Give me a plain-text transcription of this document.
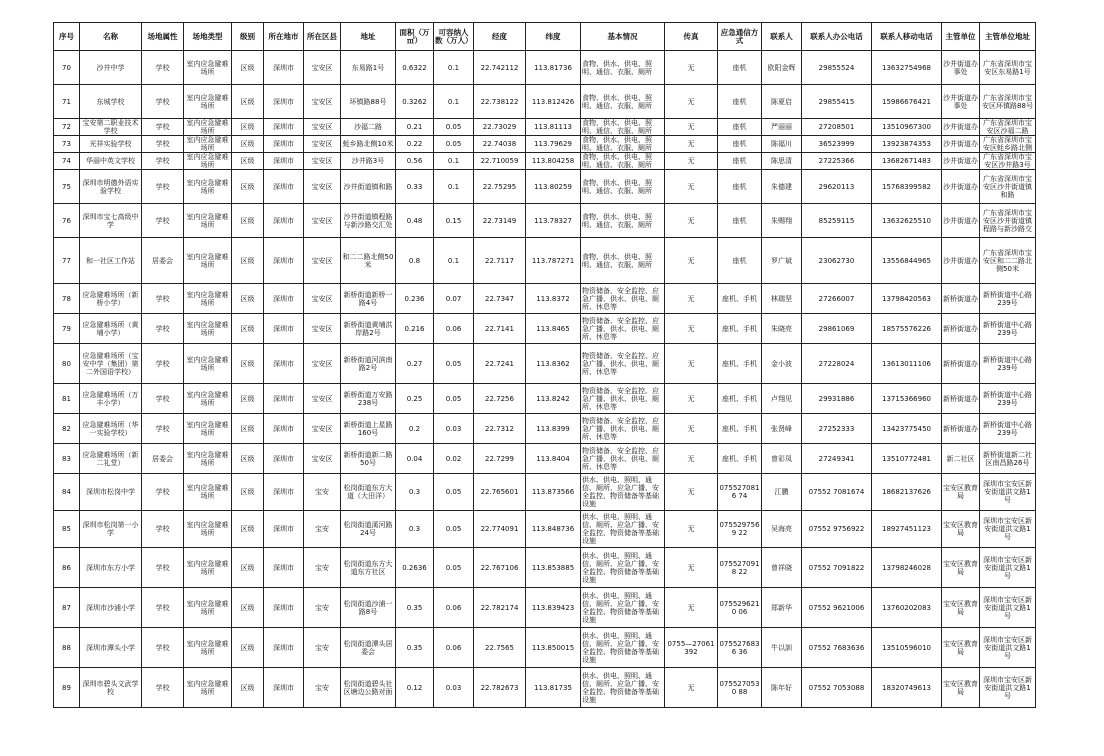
序号	名称	场地属性	场地类型	级别	所在地市	所在区县	地址	面积（万㎡）	可容纳人数（万人）	经度	纬度	基本情况	传真	应急通信方式	联系人	联系人办公电话	联系人移动电话	主管单位	主管单位地址
70	沙井中学	学校	室内应急避难场所	区级	深圳市	宝安区	东易路1号	0.6322	0.1	22.742112	113.81736	食物、供水、供电、照明、通信、衣服、厕所	无	座机	欧阳金辉	29855524	13632754968	沙井街道办事处	广东省深圳市宝安区东易路1号
71	东城学校	学校	室内应急避难场所	区级	深圳市	宝安区	环镇路88号	0.3262	0.1	22.738122	113.812426	食物、供水、供电、照明、通信、衣服、厕所	无	座机	陈夏启	29855415	15986676421	沙井街道办事处	广东省深圳市宝安区环镇路88号
72	宝安第二职业技术学校	学校	室内应急避难场所	区级	深圳市	宝安区	沙福二路	0.21	0.05	22.73029	113.81113	食物、供水、供电、照明、通信、衣服、厕所	无	座机	严丽丽	27208501	13510967300	沙井街道办	广东省深圳市宝安区沙福二路
73	光祥实验学校	学校	室内应急避难场所	区级	深圳市	宝安区	蚝乡路北侧10米	0.22	0.05	22.74038	113.79629	食物、供水、供电、照明、通信、衣服、厕所	无	座机	陈福川	36523999	13923874353	沙井街道办	广东省深圳市宝安区蚝乡路北侧
74	华丽中英文学校	学校	室内应急避难场所	区级	深圳市	宝安区	沙井路3号	0.56	0.1	22.710059	113.804258	食物、供水、供电、照明、通信、衣服、厕所	无	座机	陈思清	27225366	13682671483	沙井街道办	广东省深圳市宝安区沙井路3号
75	深圳市明德外语实验学校	学校	室内应急避难场所	区级	深圳市	宝安区	沙井街道镇和路	0.33	0.1	22.75295	113.80259	食物、供水、供电、照明、通信、衣服、厕所	无	座机	朱德建	29620113	15768399582	沙井街道办	广东省深圳市宝安区沙井街道镇和路
76	深圳市宝七高级中学	学校	室内应急避难场所	区级	深圳市	宝安区	沙井街道镇程路与新沙路交汇处	0.48	0.15	22.73149	113.78327	食物、供水、供电、照明、通信、衣服、厕所	无	座机	朱赐翔	85259115	13632625510	沙井街道办	广东省深圳市宝安区沙井街道镇程路与新沙路交
77	和一社区工作站	居委会	室内应急避难场所	区级	深圳市	宝安区	和二二路北侧50米	0.8	0.1	22.7117	113.787271	食物、供水、供电、照明、通信、衣服、厕所	无	座机	罗广斌	23062730	13556844965	沙井街道办	广东省深圳市宝安区和二二路北侧50米
78	应急避难场所（新桥小学）	学校	室内应急避难场所	区级	深圳市	宝安区	新桥街道新桥一路4号	0.236	0.07	22.7347	113.8372	物资储备、安全监控、应急广播、供水、供电、厕所、休息等	无	座机、手机	林瑞坚	27266007	13798420563	新桥街道办	新桥街道中心路239号
79	应急避难场所（黄埔小学）	学校	室内应急避难场所	区级	深圳市	宝安区	新桥街道黄埔洪岸路2号	0.216	0.06	22.7141	113.8465	物资储备、安全监控、应急广播、供水、供电、厕所、休息等	无	座机、手机	朱晓亮	29861069	18575576226	新桥街道办	新桥街道中心路239号
80	应急避难场所（宝安中学（集团）第二外国语学校）	学校	室内应急避难场所	区级	深圳市	宝安区	新桥街道河滨南路2号	0.27	0.05	22.7241	113.8362	物资储备、安全监控、应急广播、供水、供电、厕所、休息等	无	座机、手机	金小波	27228024	13613011106	新桥街道办	新桥街道中心路239号
81	应急避难场所（万丰小学）	学校	室内应急避难场所	区级	深圳市	宝安区	新桥街道万安路238号	0.25	0.05	22.7256	113.8242	物资储备、安全监控、应急广播、供水、供电、厕所、休息等	无	座机、手机	卢翔见	29931886	13715366960	新桥街道办	新桥街道中心路239号
82	应急避难场所（华一实验学校）	学校	室内应急避难场所	区级	深圳市	宝安区	新桥街道上星路160号	0.2	0.03	22.7312	113.8399	物资储备、安全监控、应急广播、供水、供电、厕所、休息等	无	座机、手机	张贤峰	27252333	13423775450	新桥街道办	新桥街道中心路239号
83	应急避难场所（新二礼堂）	居委会	室内应急避难场所	区级	深圳市	宝安区	新桥街道新二路50号	0.04	0.02	22.7299	113.8404	物资储备、安全监控、应急广播、供水、供电、厕所、休息等	无	座机、手机	曾彩凤	27249341	13510772481	新二社区	新桥街道新二社区南昌路26号
84	深圳市松岗中学	学校	室内应急避难场所	区级	深圳市	宝安	松岗街道东方大道（大田洋）	0.3	0.05	22.765601	113.873566	供水、供电、照明、通信、厕所、应急广播、安全监控、物资储备等基础设施	无	0755270816 74	江鹏	07552 7081674	18682137626	宝安区教育局	深圳市宝安区新安街道洪文路1号
85	深圳市松岗第一小学	学校	室内应急避难场所	区级	深圳市	宝安	松岗街道溪河路24号	0.3	0.05	22.774091	113.848736	供水、供电、照明、通信、厕所、应急广播、安全监控、物资储备等基础设施	无	0755297569 22	吴海亮	07552 9756922	18927451123	宝安区教育局	深圳市宝安区新安街道洪文路1号
86	深圳市东方小学	学校	室内应急避难场所	区级	深圳市	宝安	松岗街道东方大道东方社区	0.2636	0.05	22.767106	113.853885	供水、供电、照明、通信、厕所、应急广播、安全监控、物资储备等基础设施	无	0755270918 22	曾祥晓	07552 7091822	13798246028	宝安区教育局	深圳市宝安区新安街道洪文路1号
87	深圳市沙浦小学	学校	室内应急避难场所	区级	深圳市	宝安	松岗街道沙浦一路8号	0.35	0.06	22.782174	113.839423	供水、供电、照明、通信、厕所、应急广播、安全监控、物资储备等基础设施	无	0755296210 06	郑新华	07552 9621006	13760202083	宝安区教育局	深圳市宝安区新安街道洪文路1号
88	深圳市潭头小学	学校	室内应急避难场所	区级	深圳市	宝安	松岗街道潭头居委会	0.35	0.06	22.7565	113.850015	供水、供电、照明、通信、厕所、应急广播、安全监控、物资储备等基础设施	0755—27061392	0755276836 36	牛以訓	07552 7683636	13510596010	宝安区教育局	深圳市宝安区新安街道洪文路1号
89	深圳市碧头文武学校	学校	室内应急避难场所	区级	深圳市	宝安	松岗街道碧头社区塘边公路对面	0.12	0.03	22.782673	113.81735	供水、供电、照明、通信、厕所、应急广播、安全监控、物资储备等基础设施	无	0755270530 88	陈年好	07552 7053088	18320749613	宝安区教育局	深圳市宝安区新安街道洪文路1号
